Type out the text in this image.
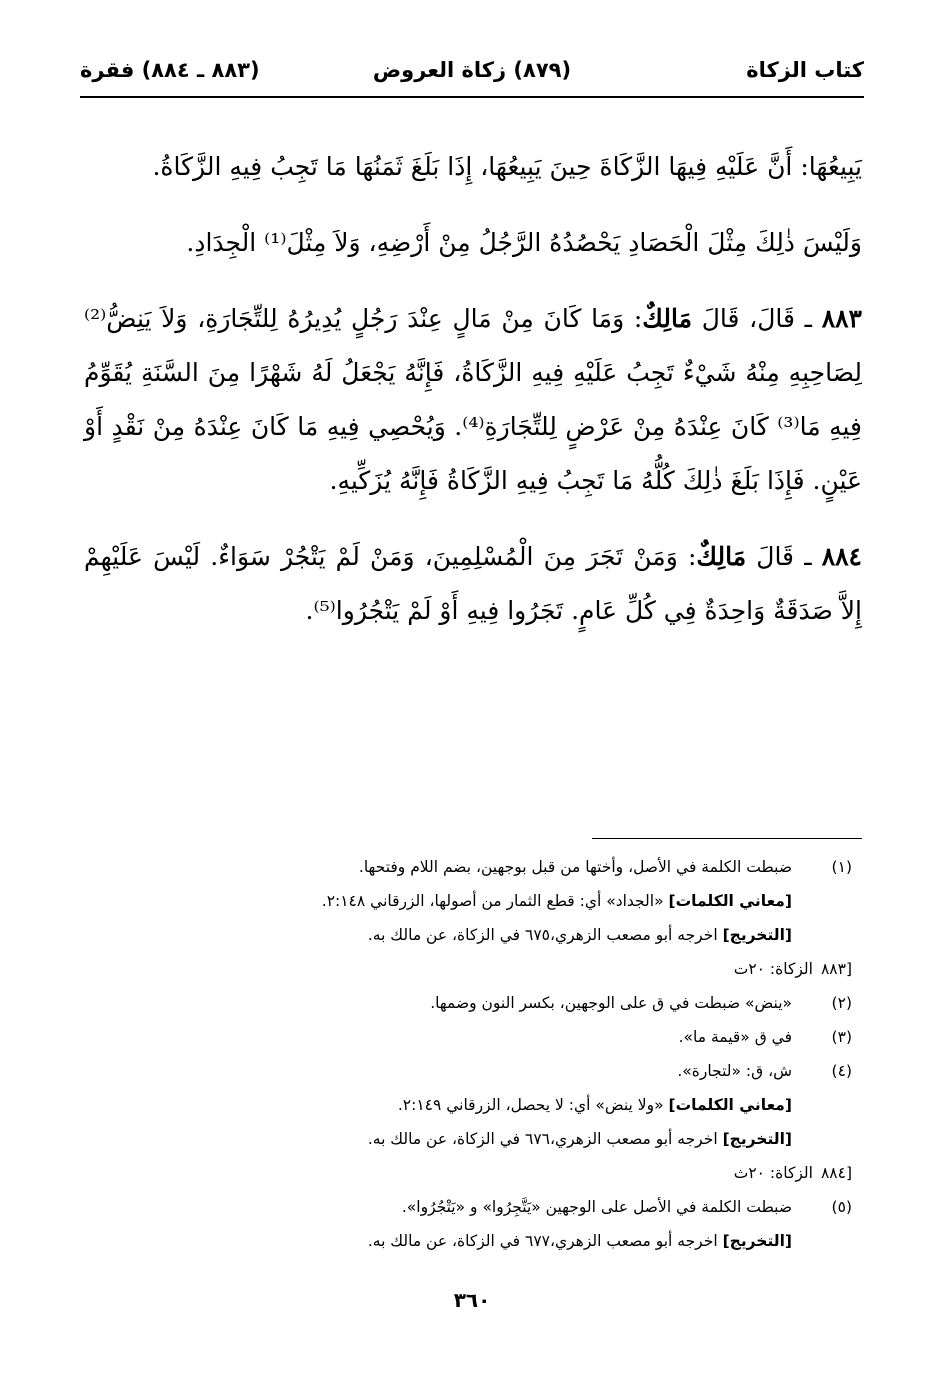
كتاب الزكاة
(٨٧٩) زكاة العروض
(٨٨٣ ـ ٨٨٤) فقرة

يَبِيعُهَا: أَنَّ عَلَيْهِ فِيهَا الزَّكَاةَ حِينَ يَبِيعُهَا، إِذَا بَلَغَ ثَمَنُهَا مَا تَجِبُ فِيهِ الزَّكَاةُ.

وَلَيْسَ ذٰلِكَ مِثْلَ الْحَصَادِ يَحْصُدُهُ الرَّجُلُ مِنْ أَرْضِهِ، وَلاَ مِثْلَ⁽¹⁾ الْجِدَادِ.

٨٨٣ ـ قَالَ، قَالَ مَالِكٌ: وَمَا كَانَ مِنْ مَالٍ عِنْدَ رَجُلٍ يُدِيرُهُ لِلتِّجَارَةِ، وَلاَ يَنِضُّ⁽²⁾ لِصَاحِبِهِ مِنْهُ شَيْءٌ تَجِبُ عَلَيْهِ فِيهِ الزَّكَاةُ، فَإِنَّهُ يَجْعَلُ لَهُ شَهْرًا مِنَ السَّنَةِ يُقَوِّمُ فِيهِ مَا⁽³⁾ كَانَ عِنْدَهُ مِنْ عَرْضٍ لِلتِّجَارَةِ⁽⁴⁾. وَيُحْصِي فِيهِ مَا كَانَ عِنْدَهُ مِنْ نَقْدٍ أَوْ عَيْنٍ. فَإِذَا بَلَغَ ذٰلِكَ كُلُّهُ مَا تَجِبُ فِيهِ الزَّكَاةُ فَإِنَّهُ يُزَكِّيهِ.

٨٨٤ ـ قَالَ مَالِكٌ: وَمَنْ تَجَرَ مِنَ الْمُسْلِمِينَ، وَمَنْ لَمْ يَتْجُرْ سَوَاءٌ. لَيْسَ عَلَيْهِمْ إِلاَّ صَدَقَةٌ وَاحِدَةٌ فِي كُلِّ عَامٍ. تَجَرُوا فِيهِ أَوْ لَمْ يَتْجُرُوا⁽⁵⁾.

(١)
ضبطت الكلمة في الأصل، وأختها من قبل بوجهين، بضم اللام وفتحها.
[معاني الكلمات] «الجداد» أي: قطع الثمار من أصولها، الزرقاني ٢:١٤٨.
[التخريج] اخرجه أبو مصعب الزهري،٦٧٥ في الزكاة، عن مالك به.
[٨٨٣الزكاة: ٢٠ت
(٢)
«ينض» ضبطت في ق على الوجهين، بكسر النون وضمها.
(٣)
في ق «قيمة ما».
(٤)
ش، ق: «لتجارة».
[معاني الكلمات] «ولا ينض» أي: لا يحصل، الزرقاني ٢:١٤٩.
[التخريج] اخرجه أبو مصعب الزهري،٦٧٦ في الزكاة، عن مالك به.
[٨٨٤الزكاة: ٢٠ث
(٥)
ضبطت الكلمة في الأصل على الوجهين «يَتَّجِرُوا» و «يَتْجُرُوا».
[التخريج] اخرجه أبو مصعب الزهري،٦٧٧ في الزكاة، عن مالك به.
٣٦٠
